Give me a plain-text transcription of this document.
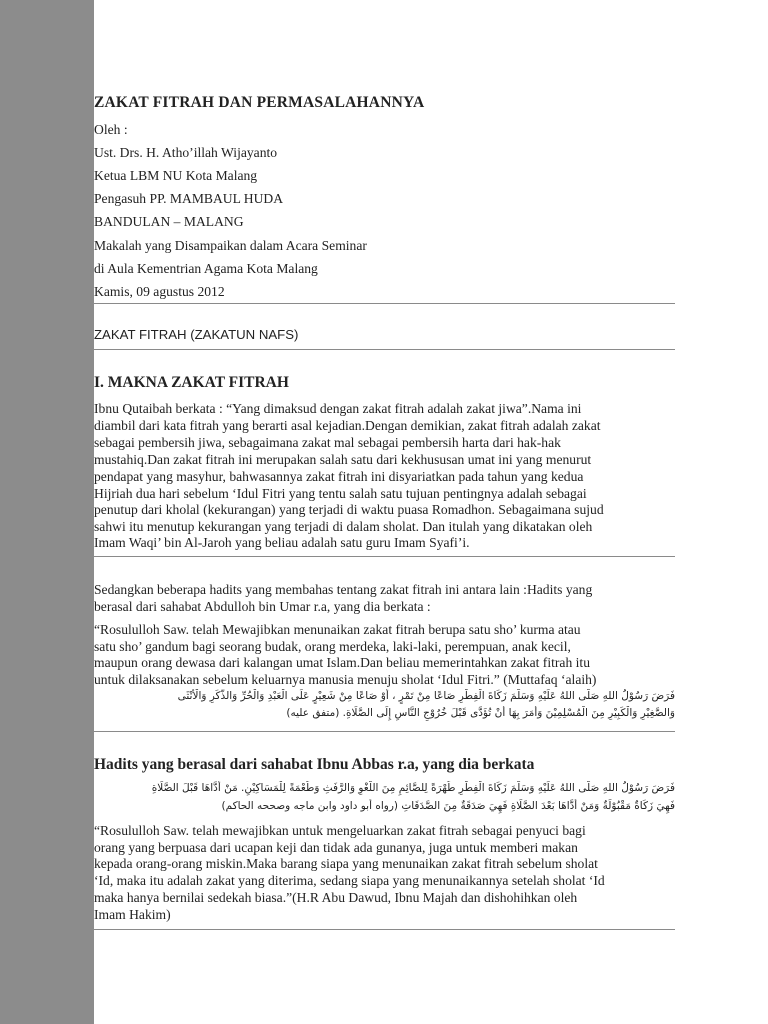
ZAKAT FITRAH DAN PERMASALAHANNYA
Oleh :
Ust. Drs. H. Atho’illah Wijayanto
Ketua LBM NU Kota Malang
Pengasuh PP. MAMBAUL HUDA
BANDULAN – MALANG
Makalah yang Disampaikan dalam Acara Seminar
di Aula Kementrian Agama Kota Malang
Kamis, 09 agustus 2012
ZAKAT FITRAH (ZAKATUN NAFS)
I. MAKNA ZAKAT FITRAH
Ibnu Qutaibah berkata : “Yang dimaksud dengan zakat fitrah adalah zakat jiwa”.Nama ini
diambil dari kata fitrah yang berarti asal kejadian.Dengan demikian, zakat fitrah adalah zakat
sebagai pembersih jiwa, sebagaimana zakat mal sebagai pembersih harta dari hak-hak
mustahiq.Dan zakat fitrah ini merupakan salah satu dari kekhususan umat ini yang menurut
pendapat yang masyhur, bahwasannya zakat fitrah ini disyariatkan pada tahun yang kedua
Hijriah dua hari sebelum ‘Idul Fitri yang tentu salah satu tujuan pentingnya adalah sebagai
penutup dari kholal (kekurangan) yang terjadi di waktu puasa Romadhon. Sebagaimana sujud
sahwi itu menutup kekurangan yang terjadi di dalam sholat. Dan itulah yang dikatakan oleh
Imam Waqi’ bin Al-Jaroh yang beliau adalah satu guru Imam Syafi’i.
Sedangkan beberapa hadits yang membahas tentang zakat fitrah ini antara lain :Hadits yang
berasal dari sahabat Abdulloh bin Umar r.a, yang dia berkata :
“Rosululloh Saw. telah Mewajibkan menunaikan zakat fitrah berupa satu sho’ kurma atau
satu sho’ gandum bagi seorang budak, orang merdeka, laki-laki, perempuan, anak kecil,
maupun orang dewasa dari kalangan umat Islam.Dan beliau memerintahkan zakat fitrah itu
untuk dilaksanakan sebelum keluarnya manusia menuju sholat ‘Idul Fitri.” (Muttafaq ‘alaih)
فَرَضَ رَسُوْلُ اللهِ صَلَّى اللهُ عَلَيْهِ وَسَلَّمَ زَكَاةَ الْفِطْرِ صَاعًا مِنْ تَمْرٍ ، أَوْ صَاعًا مِنْ شَعِيْرٍ عَلَى الْعَبْدِ وَالْحُرِّ وَالذَّكَرِ وَالْأُنْثَى
وَالصَّغِيْرِ وَالْكَبِيْرِ مِنَ الْمُسْلِمِيْنَ وَأَمَرَ بِهَا أَنْ تُؤَدَّى قَبْلَ خُرُوْجِ النَّاسِ إِلَى الصَّلَاةِ. (متفق عليه)
Hadits yang berasal dari sahabat Ibnu Abbas r.a, yang dia berkata
فَرَضَ رَسُوْلُ اللهِ صَلَّى اللهُ عَلَيْهِ وَسَلَّمَ زَكَاةَ الْفِطْرِ طُهْرَةً لِلصَّائِمِ مِنَ اللَّغْوِ وَالرَّفَثِ وَطُعْمَةً لِلْمَسَاكِيْنِ. مَنْ أَدَّاهَا قَبْلَ الصَّلَاةِ
فَهِيَ زَكَاةٌ مَقْبُوْلَةٌ وَمَنْ أَدَّاهَا بَعْدَ الصَّلَاةِ فَهِيَ صَدَقَةٌ مِنَ الصَّدَقَاتِ (رواه أبو داود وابن ماجه وصححه الحاكم)
“Rosululloh Saw. telah mewajibkan untuk mengeluarkan zakat fitrah sebagai penyuci bagi
orang yang berpuasa dari ucapan keji dan tidak ada gunanya, juga untuk memberi makan
kepada orang-orang miskin.Maka barang siapa yang menunaikan zakat fitrah sebelum sholat
‘Id, maka itu adalah zakat yang diterima, sedang siapa yang menunaikannya setelah sholat ‘Id
maka hanya bernilai sedekah biasa.”(H.R Abu Dawud, Ibnu Majah dan dishohihkan oleh
Imam Hakim)
